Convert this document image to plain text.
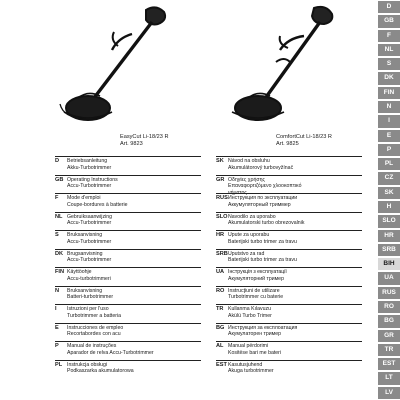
EasyCut Li-18/23 R
Art. 9823
ComfortCut Li-18/23 R
Art. 9825
D Betriebsanleitung
Akku-Turbotrimmer
GB Operating Instructions
Accu-Turbotrimmer
F Mode d'emploi
Coupe-bordures à batterie
NL Gebruiksaanwijzing
Accu-Turbotrimmer
S Bruksanvisning
Accu-Turbotrimmer
DK Brugsanvisning
Accu-Turbotrimmer
FIN Käyttöohje
Accu-turbotrimmeri
N Bruksanvisning
Batteri-turbotrimmer
I Istruzioni per l'uso
Turbotrimmer a batteria
E Instrucciones de empleo
Recortabordes con acu
P Manual de instruções
Aparador de relva Accu-Turbotrimmer
PL Instrukcja obsługi
Podkaszarka akumulatorowa
SK Návod na obsluhu
Akumulátorový turbovyžínač
GR Οδηγίες χρήσης
Επαναφορτιζόμενο χλοοκοπτικό
νήματος
RUS Инструкция по эксплуатации
Аккумуляторный триммер
SLO Navodilo za uporabo
Akumulatorski turbo obrezovalnik
HR Upute za uporabu
Baterijski turbo trimer za travu
SRB Uputstvo za rad
Baterijski turbo trimer za travu
UA Інструкція з експлуатації
Акумуляторний тример
RO Instrucţiuni de utilizare
Turbotrimmer cu baterie
TR Kullanma Kılavuzu
Akülü Turbo Trimer
BG Инструкция за експлоатация
Акумулаторен тример
AL Manual përdorimi
Kositëse bari me bateri
EST Kasutusjuhend
Akuga turbotrimmer
D
GB
F
NL
S
DK
FIN
N
I
E
P
PL
CZ
SK
H
SLO
HR
SRB
BIH
UA
RUS
RO
BG
GR
TR
EST
LT
LV
